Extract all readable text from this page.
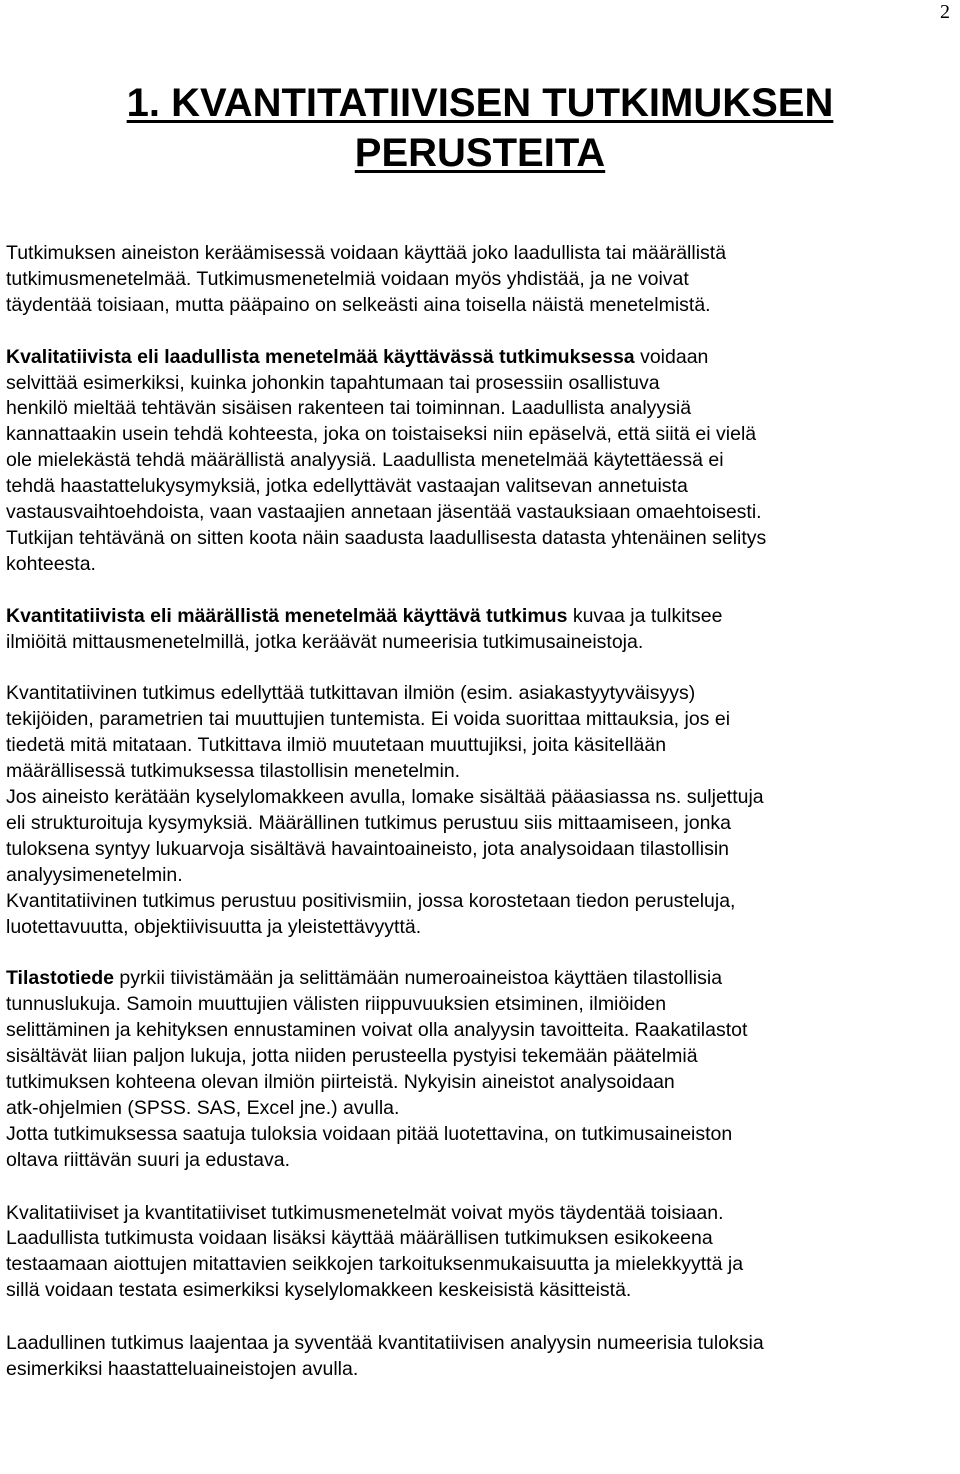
2
1. KVANTITATIIVISEN TUTKIMUKSEN
PERUSTEITA

Tutkimuksen aineiston keräämisessä voidaan käyttää joko laadullista tai määrällistä
tutkimusmenetelmää. Tutkimusmenetelmiä voidaan myös yhdistää, ja ne voivat
täydentää toisiaan, mutta pääpaino on selkeästi aina toisella näistä menetelmistä.

Kvalitatiivista eli laadullista menetelmää käyttävässä tutkimuksessa voidaan
selvittää esimerkiksi, kuinka johonkin tapahtumaan tai prosessiin osallistuva
henkilö mieltää tehtävän sisäisen rakenteen tai toiminnan. Laadullista analyysiä
kannattaakin usein tehdä kohteesta, joka on toistaiseksi niin epäselvä, että siitä ei vielä
ole mielekästä tehdä määrällistä analyysiä. Laadullista menetelmää käytettäessä ei
tehdä haastattelukysymyksiä, jotka edellyttävät vastaajan valitsevan annetuista
vastausvaihtoehdoista, vaan vastaajien annetaan jäsentää vastauksiaan omaehtoisesti.
Tutkijan tehtävänä on sitten koota näin saadusta laadullisesta datasta yhtenäinen selitys
kohteesta.

Kvantitatiivista eli määrällistä menetelmää käyttävä tutkimus kuvaa ja tulkitsee
ilmiöitä mittausmenetelmillä, jotka keräävät numeerisia tutkimusaineistoja.

Kvantitatiivinen tutkimus edellyttää tutkittavan ilmiön (esim. asiakastyytyväisyys)
tekijöiden, parametrien tai muuttujien tuntemista. Ei voida suorittaa mittauksia, jos ei
tiedetä mitä mitataan. Tutkittava ilmiö muutetaan muuttujiksi, joita käsitellään
määrällisessä tutkimuksessa tilastollisin menetelmin.
Jos aineisto kerätään kyselylomakkeen avulla, lomake sisältää pääasiassa ns. suljettuja
eli strukturoituja kysymyksiä. Määrällinen tutkimus perustuu siis mittaamiseen, jonka
tuloksena syntyy lukuarvoja sisältävä havaintoaineisto, jota analysoidaan tilastollisin
analyysimenetelmin.
Kvantitatiivinen tutkimus perustuu positivismiin, jossa korostetaan tiedon perusteluja,
luotettavuutta, objektiivisuutta ja yleistettävyyttä.

Tilastotiede pyrkii tiivistämään ja selittämään numeroaineistoa käyttäen tilastollisia
tunnuslukuja. Samoin muuttujien välisten riippuvuuksien etsiminen, ilmiöiden
selittäminen ja kehityksen ennustaminen voivat olla analyysin tavoitteita. Raakatilastot
sisältävät liian paljon lukuja, jotta niiden perusteella pystyisi tekemään päätelmiä
tutkimuksen kohteena olevan ilmiön piirteistä. Nykyisin aineistot analysoidaan
atk-ohjelmien (SPSS. SAS, Excel jne.) avulla.
Jotta tutkimuksessa saatuja tuloksia voidaan pitää luotettavina, on tutkimusaineiston
oltava riittävän suuri ja edustava.

Kvalitatiiviset ja kvantitatiiviset tutkimusmenetelmät voivat myös täydentää toisiaan.
Laadullista tutkimusta voidaan lisäksi käyttää määrällisen tutkimuksen esikokeena
testaamaan aiottujen mitattavien seikkojen tarkoituksenmukaisuutta ja mielekkyyttä ja
sillä voidaan testata esimerkiksi kyselylomakkeen keskeisistä käsitteistä.

Laadullinen tutkimus laajentaa ja syventää kvantitatiivisen analyysin numeerisia tuloksia
esimerkiksi haastatteluaineistojen avulla.
